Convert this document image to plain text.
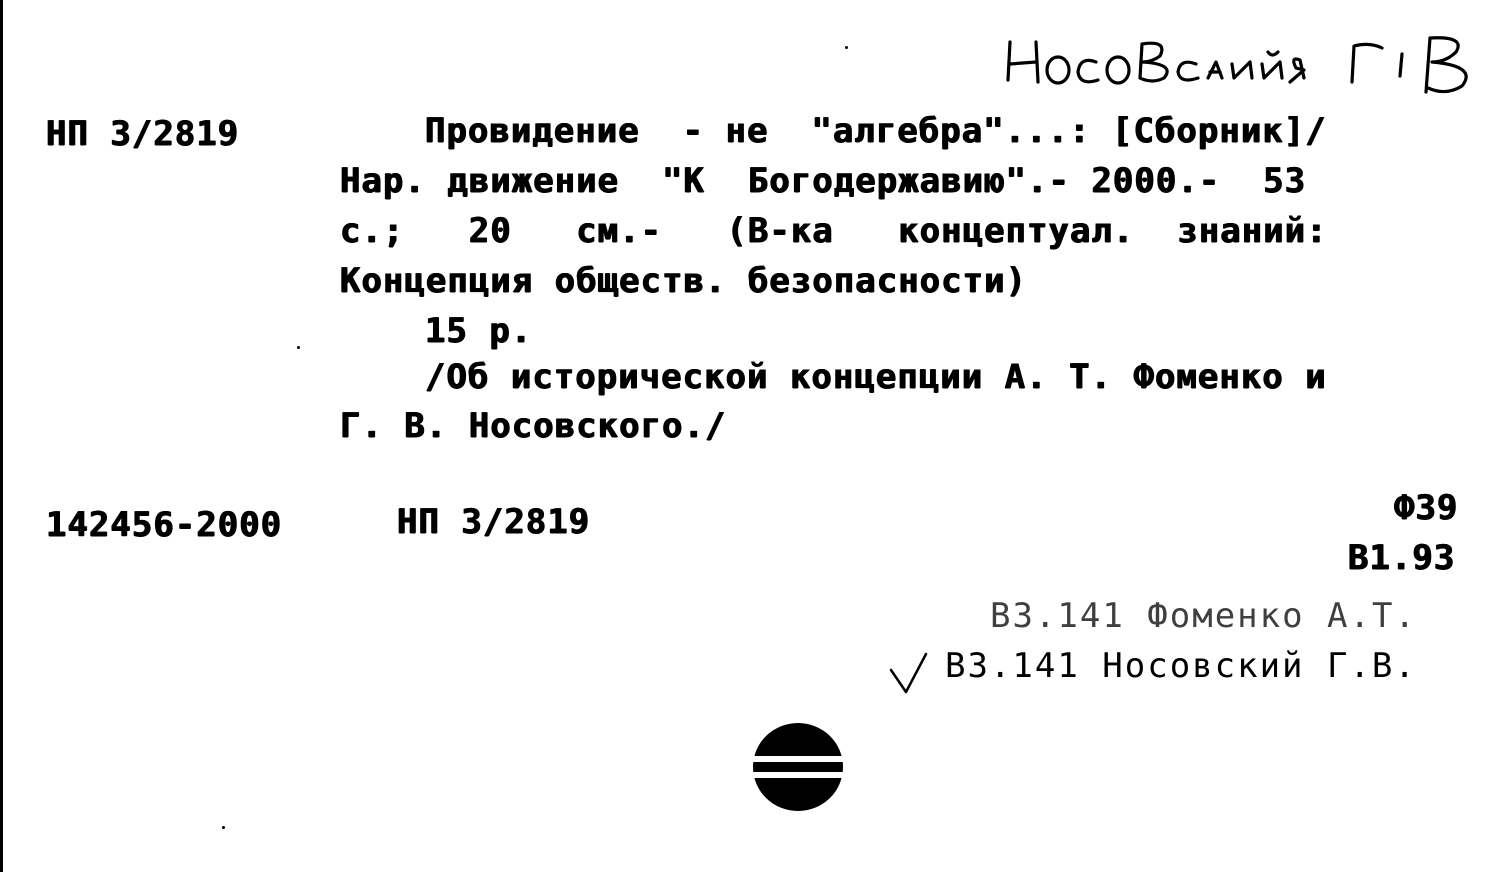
НП 3/2819	Провидение  - не  "алгебра"...: [Сборник]/
Нар. движение  "К  Богодержавию".- 2000.-  53
с.;   20   см.-   (В-ка   концептуал.  знаний:
Концепция обществ. безопасности)
15 р.
/Об исторической концепции А. Т. Фоменко и
Г. В. Носовского./
142456-2000	НП 3/2819	Ф39
В1.93
В3.141 Фоменко А.Т.
В3.141 Носовский Г.В.
